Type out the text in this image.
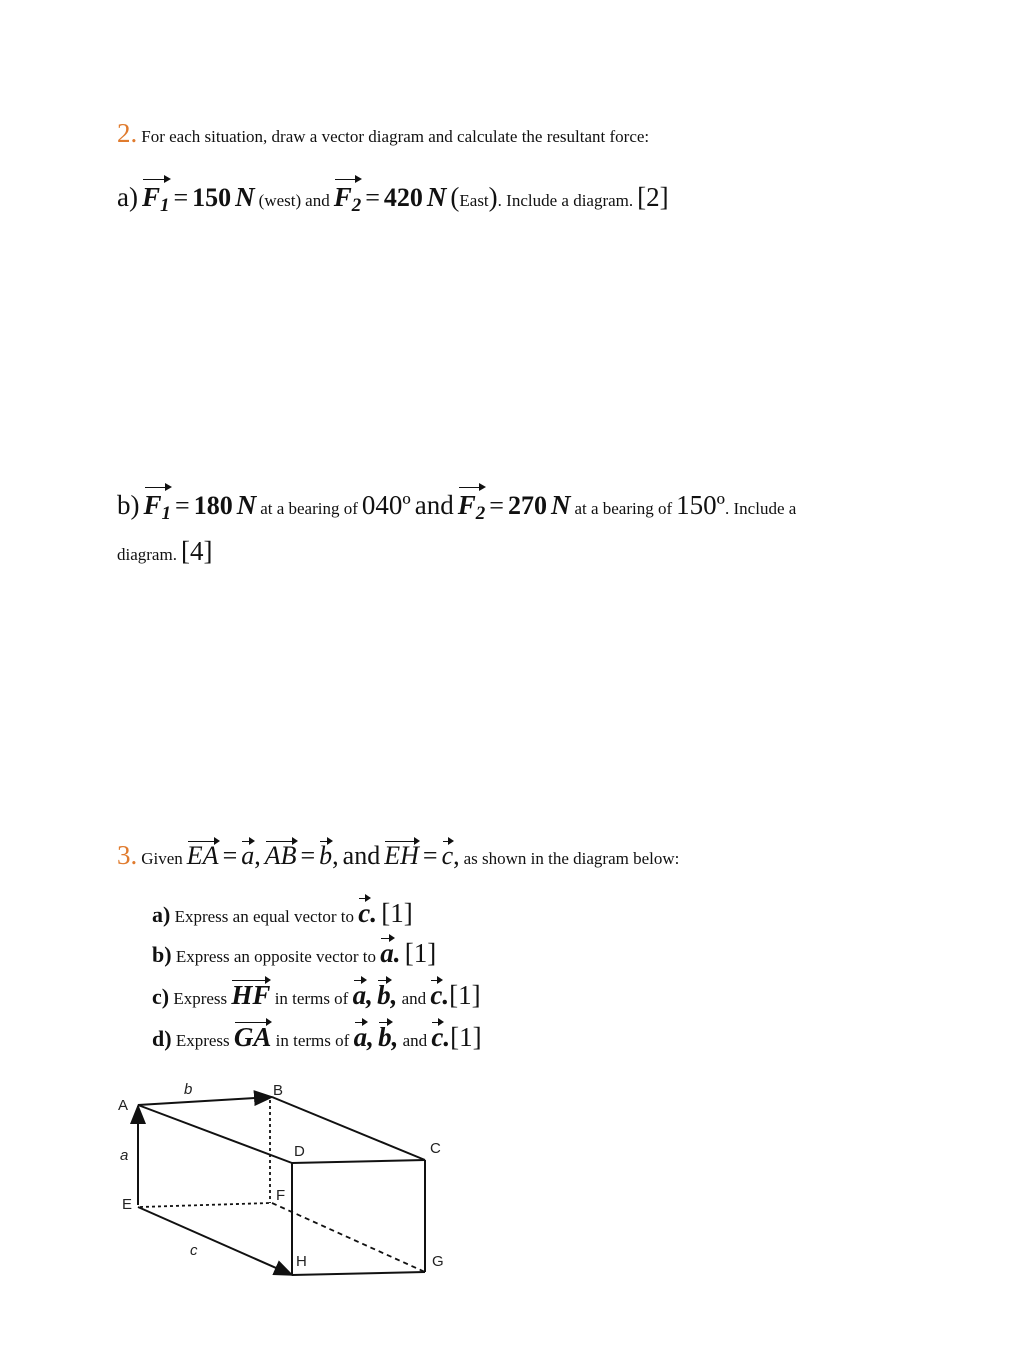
2. For each situation, draw a vector diagram and calculate the resultant force:
a) $F_1 = 150$ N (west) and $F_2 = 420$ N (East). Include a diagram. [2]
b) $F_1 = 180$ N at a bearing of 040º and $F_2 = 270$ N at a bearing of 150º. Include a
diagram. [4]
3. Given EA = a, AB = b, and EH = c, as shown in the diagram below:
a) Express an equal vector to c. [1]
b) Express an opposite vector to a. [1]
c) Express HF in terms of a, b, and c.[1]
d) Express GA in terms of a, b, and c.[1]
A
B
b
a	D	C
E
F
c
H	G
